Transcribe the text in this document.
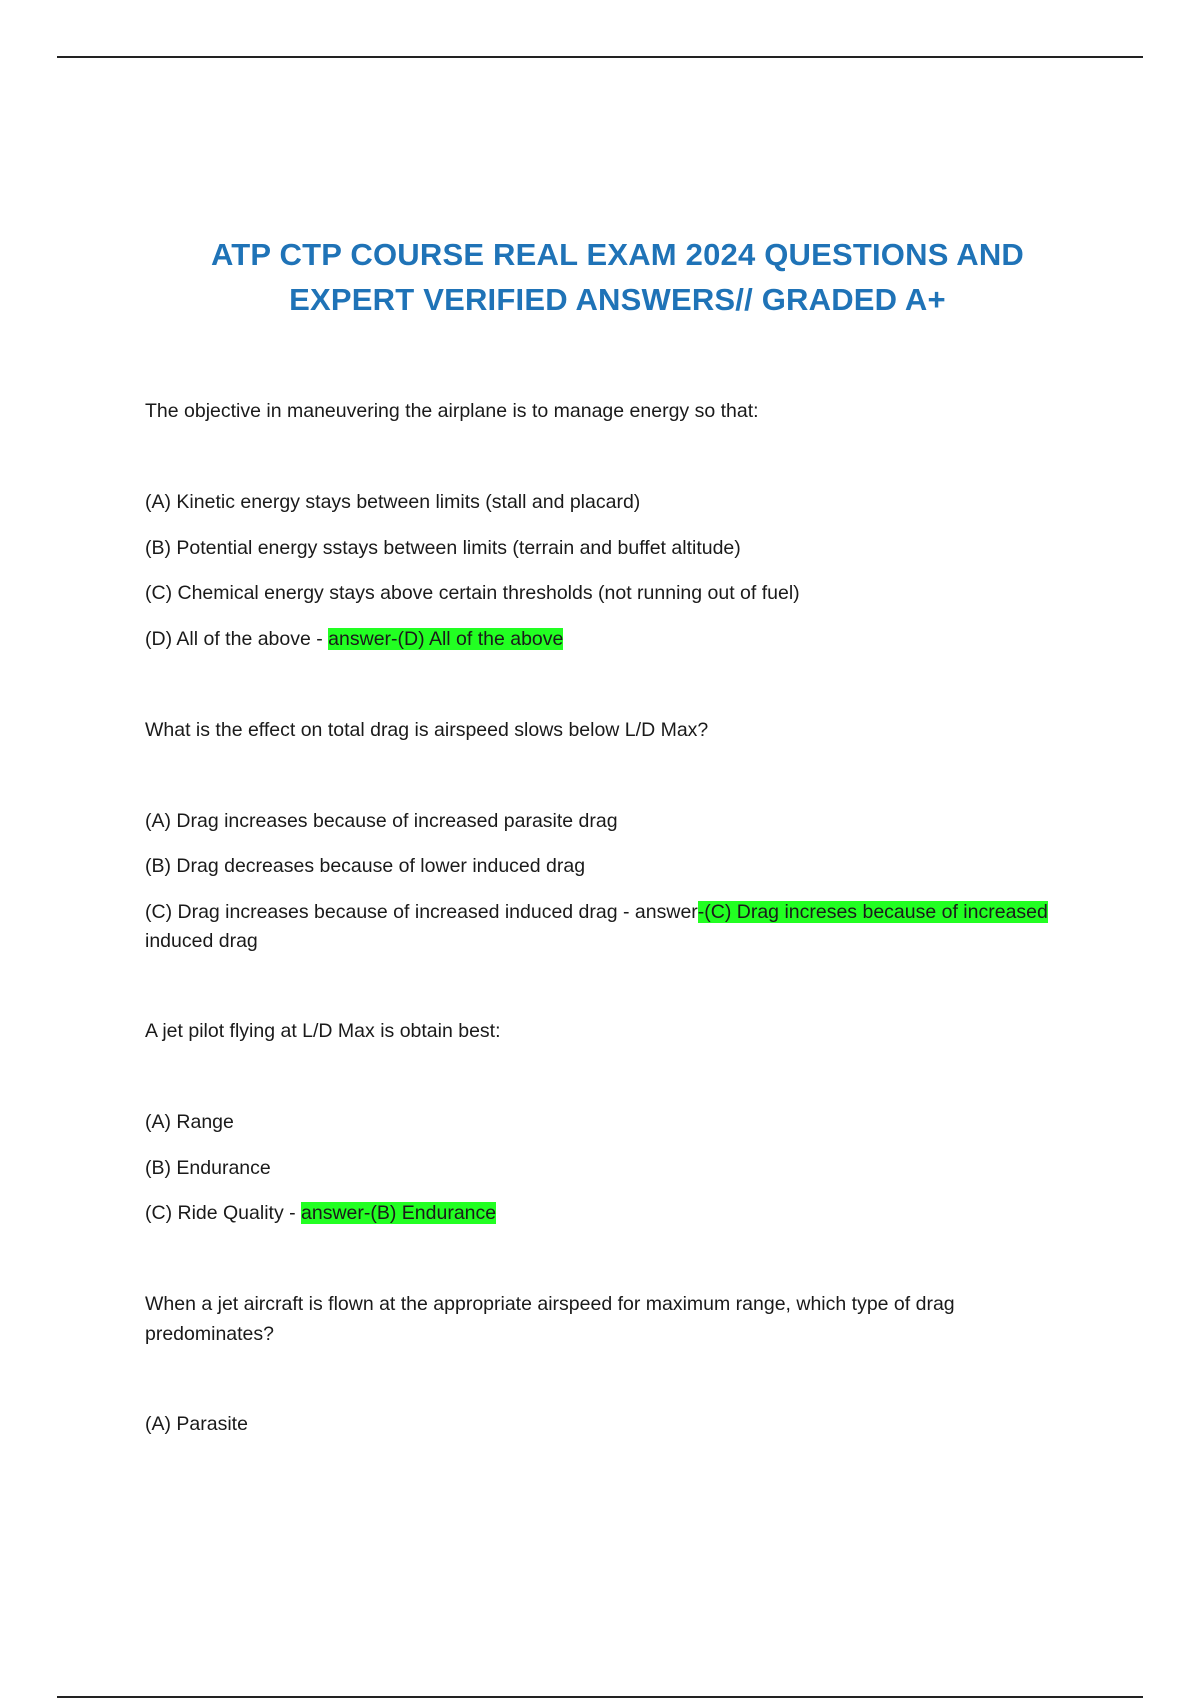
ATP CTP COURSE REAL EXAM 2024 QUESTIONS AND
EXPERT VERIFIED ANSWERS// GRADED A+

The objective in maneuvering the airplane is to manage energy so that:

(A) Kinetic energy stays between limits (stall and placard)

(B) Potential energy sstays between limits (terrain and buffet altitude)

(C) Chemical energy stays above certain thresholds (not running out of fuel)

(D) All of the above - answer-(D) All of the above

What is the effect on total drag is airspeed slows below L/D Max?

(A) Drag increases because of increased parasite drag

(B) Drag decreases because of lower induced drag

(C) Drag increases because of increased induced drag - answer-(C) Drag increses because of increased

induced drag

A jet pilot flying at L/D Max is obtain best:

(A) Range

(B) Endurance

(C) Ride Quality - answer-(B) Endurance

When a jet aircraft is flown at the appropriate airspeed for maximum range, which type of drag

predominates?

(A) Parasite
